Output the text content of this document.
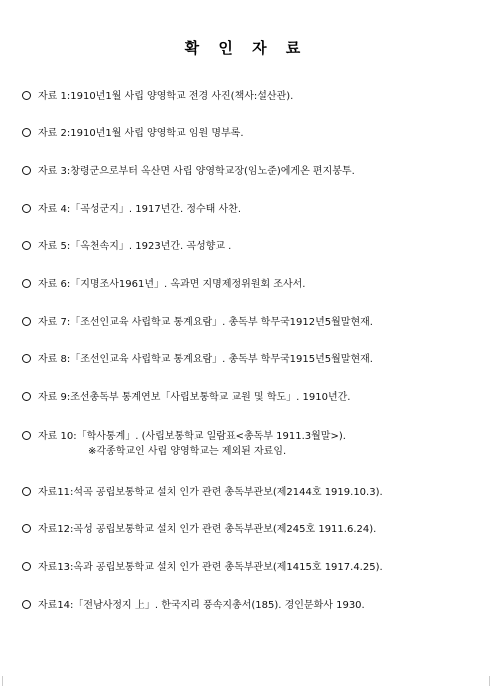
확 인 자 료
자료 1:1910년1월 사립 양영학교 전경 사진(책사:설산관).
자료 2:1910년1월 사립 양영학교 임원 명부록.
자료 3:창령군으로부터 옥산면 사립 양영학교장(임노준)에게온 편지봉투.
자료 4:「곡성군지」. 1917년간. 정수태 사찬.
자료 5:「옥천속지」. 1923년간. 곡성향교 .
자료 6:「지명조사1961년」. 옥과면 지명제정위원회 조사서.
자료 7:「조선인교육 사립학교 통계요람」. 총독부 학무국1912년5월말현재.
자료 8:「조선인교육 사립학교 통계요람」. 총독부 학무국1915년5월말현재.
자료 9:조선총독부 통계연보「사립보통학교 교원 및 학도」. 1910년간.
자료 10:「학사통계」. (사립보통학교 일람표<총독부 1911.3월말>).
※각종학교인 사립 양영학교는 제외된 자료임.
자료11:석곡 공립보통학교 설치 인가 관련 총독부관보(제2144호 1919.10.3).
자료12:곡성 공립보통학교 설치 인가 관련 총독부관보(제245호 1911.6.24).
자료13:옥과 공립보통학교 설치 인가 관련 총독부관보(제1415호 1917.4.25).
자료14:「전남사정지 上」. 한국지리 풍속지총서(185). 경인문화사 1930.
